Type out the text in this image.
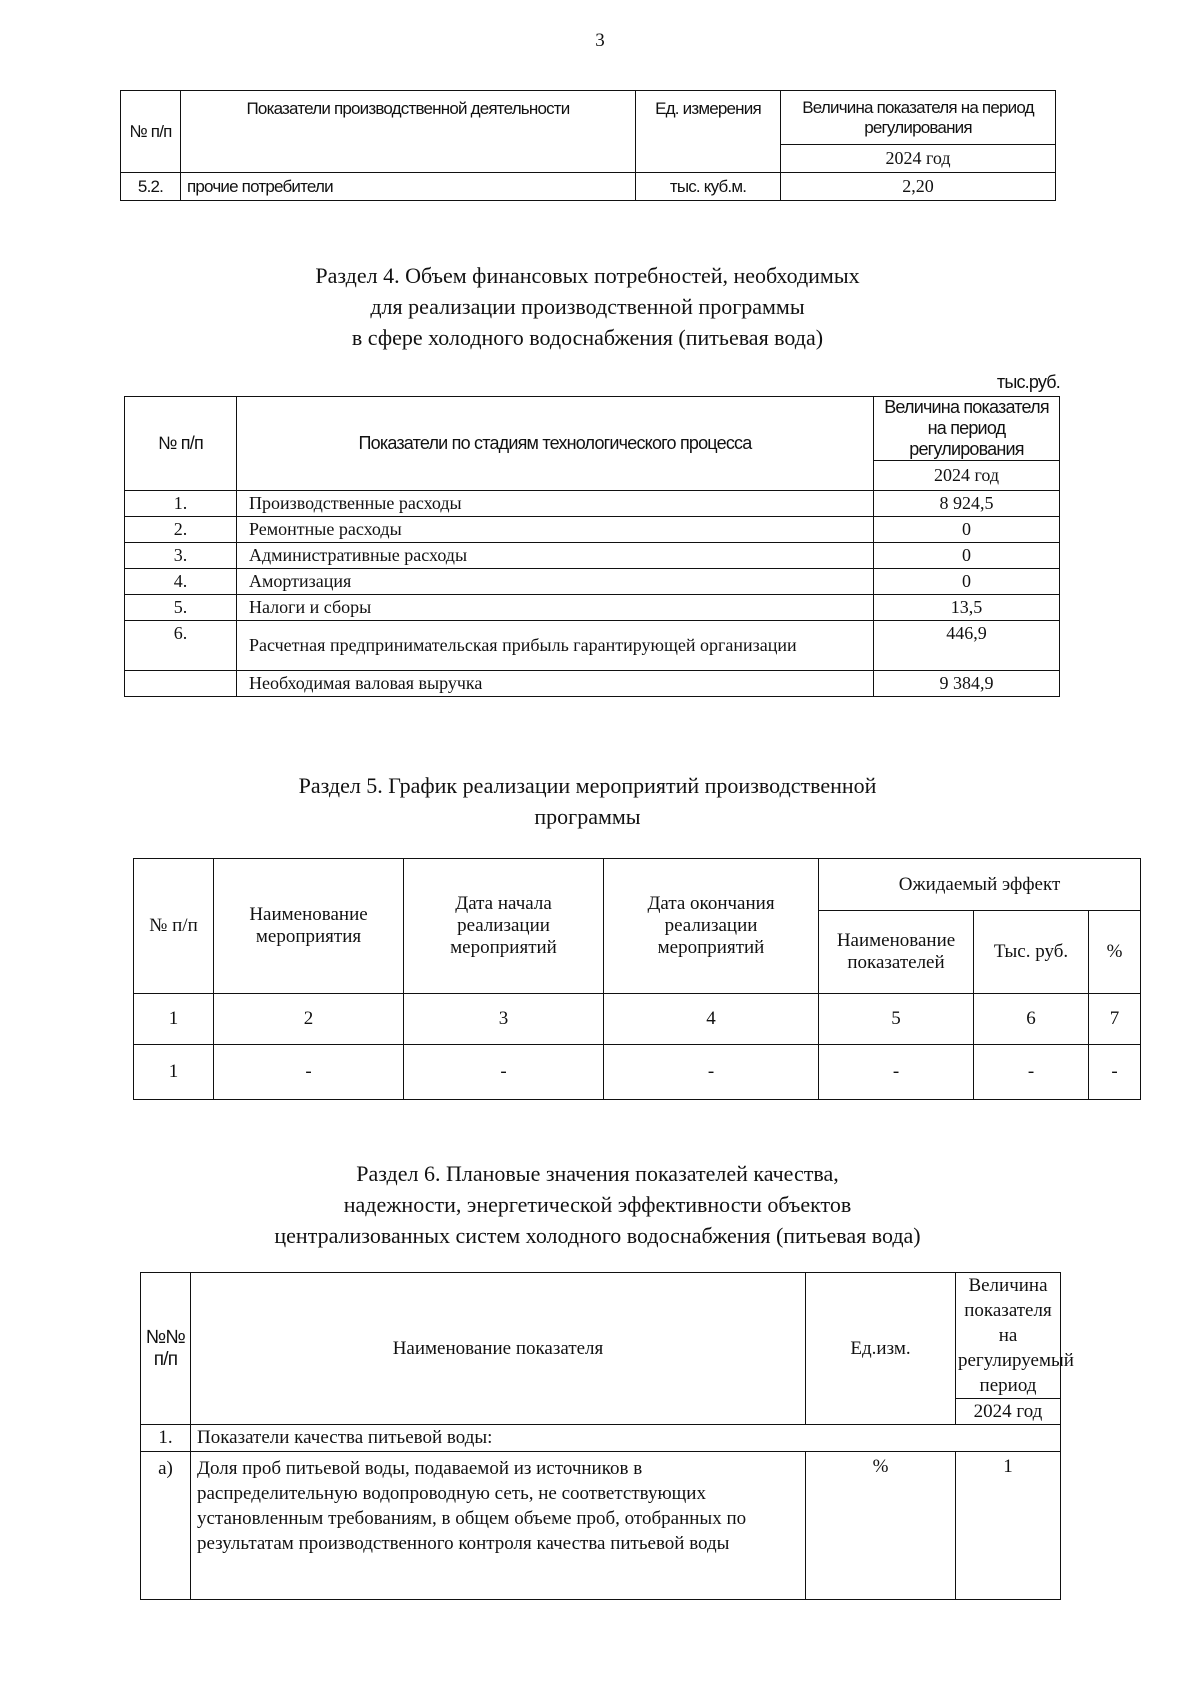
3
№ п/п	Показатели производственной деятельности	Ед. измерения	Величина показателя на период регулирования
			2024 год
5.2.	прочие потребители	тыс. куб.м.	2,20
Раздел 4. Объем финансовых потребностей, необходимых
для реализации производственной программы
в сфере холодного водоснабжения (питьевая вода)
тыс.руб.
№ п/п	Показатели по стадиям технологического процесса	Величина показателя на период регулирования
		2024 год
1.	Производственные расходы	8 924,5
2.	Ремонтные расходы	0
3.	Административные расходы	0
4.	Амортизация	0
5.	Налоги и сборы	13,5
6.	Расчетная предпринимательская прибыль гарантирующей организации	446,9
	Необходимая валовая выручка	9 384,9
Раздел 5. График реализации мероприятий производственной
программы
№ п/п	Наименование мероприятия	Дата начала реализации мероприятий	Дата окончания реализации мероприятий	Ожидаемый эффект		
				Наименование показателей	Тыс. руб.	%
1	2	3	4	5	6	7
1	-	-	-	-	-	-
Раздел 6. Плановые значения показателей качества,
надежности, энергетической эффективности объектов
централизованных систем холодного водоснабжения (питьевая вода)
№№ п/п	Наименование показателя	Ед.изм.	Величина показателя на регулируемый период
			2024 год
1.	Показатели качества питьевой воды:		
а)	Доля проб питьевой воды, подаваемой из источников в распределительную водопроводную сеть, не соответствующих установленным требованиям, в общем объеме проб, отобранных по результатам производственного контроля качества питьевой воды	%	1
